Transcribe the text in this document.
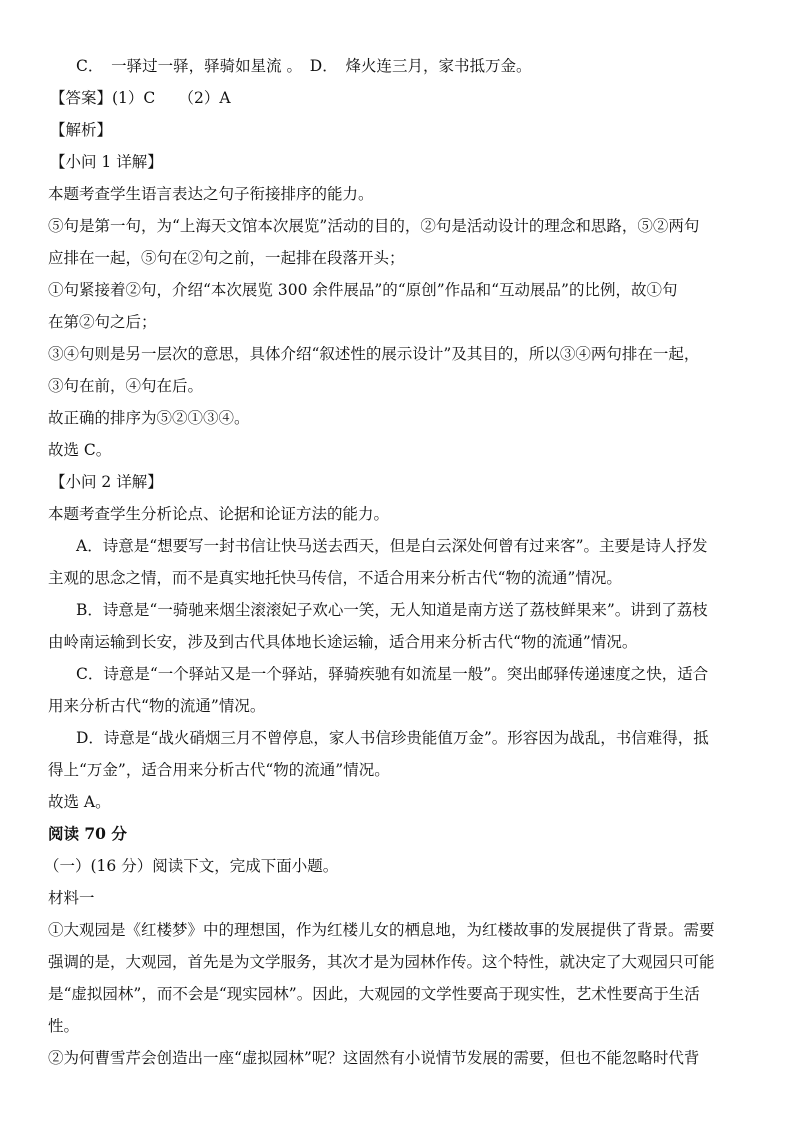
C．　一驿过一驿，驿骑如星流 。　D．　烽火连三月，家书抵万金。
【答案】(1）C　　（2）A
【解析】
【小问 1 详解】
本题考查学生语言表达之句子衔接排序的能力。
⑤句是第一句，为“上海天文馆本次展览”活动的目的，②句是活动设计的理念和思路，⑤②两句
应排在一起，⑤句在②句之前，一起排在段落开头；
①句紧接着②句，介绍“本次展览 300 余件展品”的“原创”作品和“互动展品”的比例，故①句
在第②句之后；
③④句则是另一层次的意思，具体介绍“叙述性的展示设计”及其目的，所以③④两句排在一起，
③句在前，④句在后。
故正确的排序为⑤②①③④。
故选 C。
【小问 2 详解】
本题考查学生分析论点、论据和论证方法的能力。
A．诗意是“想要写一封书信让快马送去西天，但是白云深处何曾有过来客”。主要是诗人抒发
主观的思念之情，而不是真实地托快马传信，不适合用来分析古代“物的流通”情况。
B．诗意是“一骑驰来烟尘滚滚妃子欢心一笑，无人知道是南方送了荔枝鲜果来”。讲到了荔枝
由岭南运输到长安，涉及到古代具体地长途运输，适合用来分析古代“物的流通”情况。
C．诗意是“一个驿站又是一个驿站，驿骑疾驰有如流星一般”。突出邮驿传递速度之快，适合
用来分析古代“物的流通”情况。
D．诗意是“战火硝烟三月不曾停息，家人书信珍贵能值万金”。形容因为战乱，书信难得，抵
得上“万金”，适合用来分析古代“物的流通”情况。
故选 A。
阅读 70 分
（一）(16 分）阅读下文，完成下面小题。
材料一
①大观园是《红楼梦》中的理想国，作为红楼儿女的栖息地，为红楼故事的发展提供了背景。需要
强调的是，大观园，首先是为文学服务，其次才是为园林作传。这个特性，就决定了大观园只可能
是“虚拟园林”，而不会是“现实园林”。因此，大观园的文学性要高于现实性，艺术性要高于生活
性。
②为何曹雪芹会创造出一座“虚拟园林”呢？这固然有小说情节发展的需要，但也不能忽略时代背
